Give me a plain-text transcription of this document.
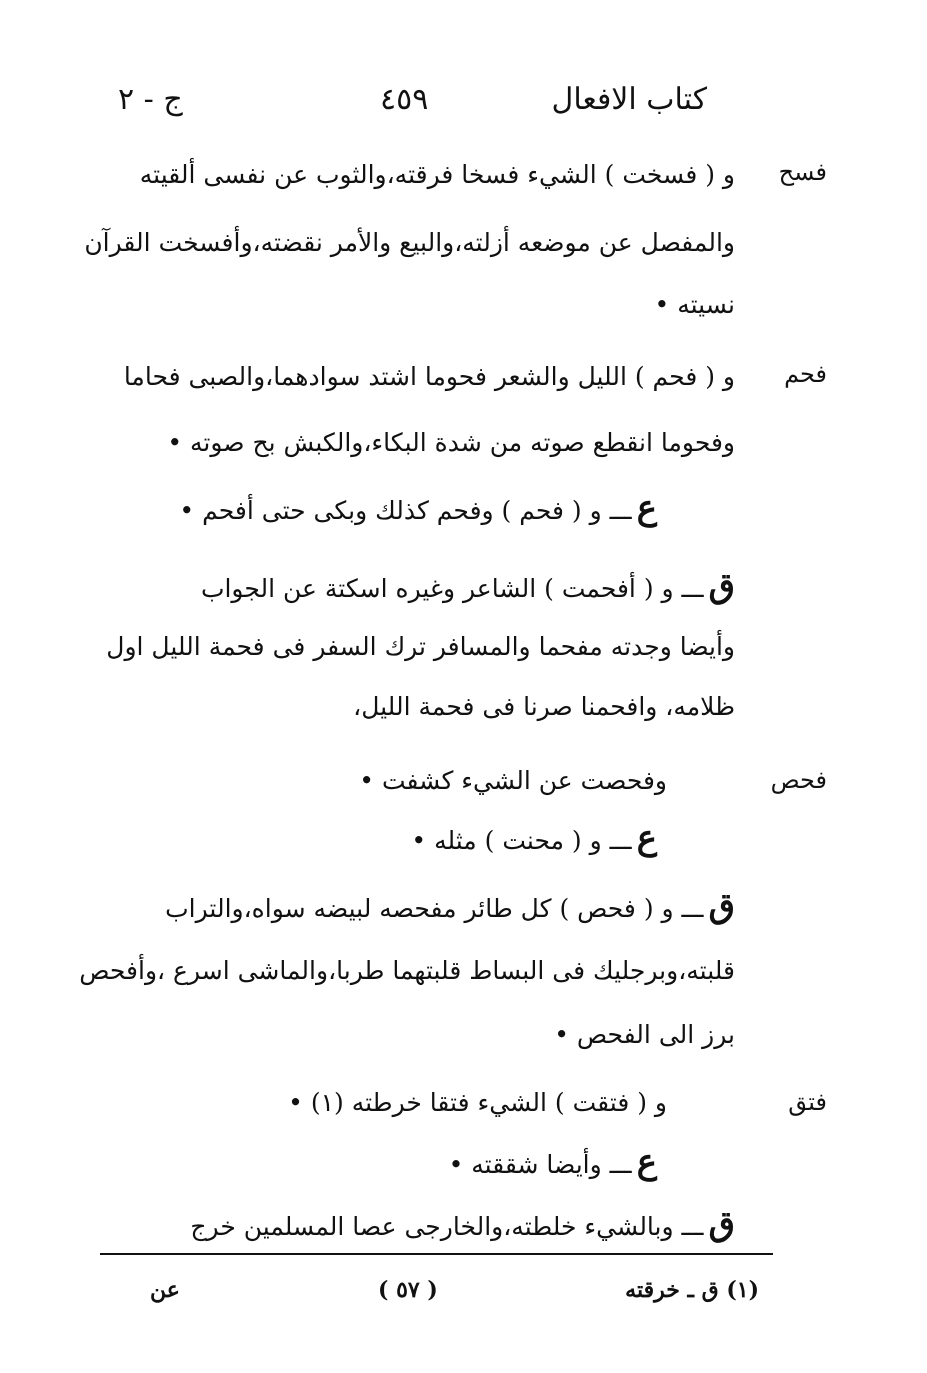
كتاب الافعال
٤٥٩
ج - ٢
فسح
و ( فسخت ) الشيء فسخا فرقته،والثوب عن نفسى ألقيته
والمفصل عن موضعه أزلته،والبيع والأمر نقضته،وأفسخت القرآن
نسيته •
فحم
و ( فحم ) الليل والشعر فحوما اشتد سوادهما،والصبى فحاما
وفحوما انقطع صوته من شدة البكاء،والكبش بح صوته •
ع ـــ و ( فحم ) وفحم كذلك وبكى حتى أفحم •
ق ـــ و ( أفحمت ) الشاعر وغيره اسكتة عن الجواب
وأيضا وجدته مفحما والمسافر ترك السفر فى فحمة الليل اول
ظلامه، وافحمنا صرنا فى فحمة الليل،
فحص
وفحصت عن الشيء كشفت •
ع ـــ و ( محنت ) مثله •
ق ـــ و ( فحص ) كل طائر مفحصه لبيضه سواه،والتراب
قلبته،وبرجليك فى البساط قلبتهما طربا،والماشى اسرع ،وأفحص
برز الى الفحص •
فتق
و ( فتقت ) الشيء فتقا خرطته (١) •
ع ـــ وأيضا شققته •
ق ـــ وبالشيء خلطته،والخارجى عصا المسلمين خرج
(١) ق ـ خرقته
( ٥٧ )
عن
